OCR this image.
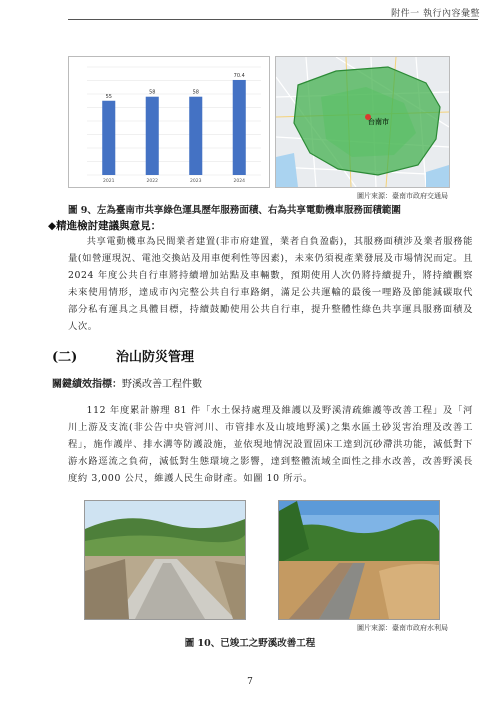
附件一 執行內容彙整
55
58	58
70.4
2021	2022	2023	2024
台南市
圖片來源：臺南市政府交通局
圖 9、左為臺南市共享綠色運具歷年服務面積、右為共享電動機車服務面積範圍
◆精進檢討建議與意見：
共享電動機車為民間業者建置(非市府建置，業者自負盈虧)，其服務面積涉及業者服務能量(如營運現況、電池交換站及用車便利性等因素)，未來仍須視產業發展及市場情況而定。且 2024 年度公共自行車將持續增加站點及車輛數，預期使用人次仍將持續提升，將持續觀察未來使用情形，達成市內完整公共自行車路網，滿足公共運輸的最後一哩路及節能減碳取代部分私有運具之具體目標，持續鼓勵使用公共自行車，提升整體性綠色共享運具服務面積及人次。
(二)	治山防災管理
關鍵績效指標：野溪改善工程件數
112 年度累計辦理 81 件「水土保持處理及維護以及野溪清疏維護等改善工程」及「河川上游及支流(非公告中央管河川、市管排水及山坡地野溪)之集水區土砂災害治理及改善工程」，施作護岸、排水溝等防護設施，並依現地情況設置固床工達到沉砂滯洪功能，減低對下游水路逕流之負荷，減低對生態環境之影響，達到整體流域全面性之排水改善，改善野溪長度約 3,000 公尺，維護人民生命財產。如圖 10 所示。
圖片來源：臺南市政府水利局
圖 10、已竣工之野溪改善工程
7
